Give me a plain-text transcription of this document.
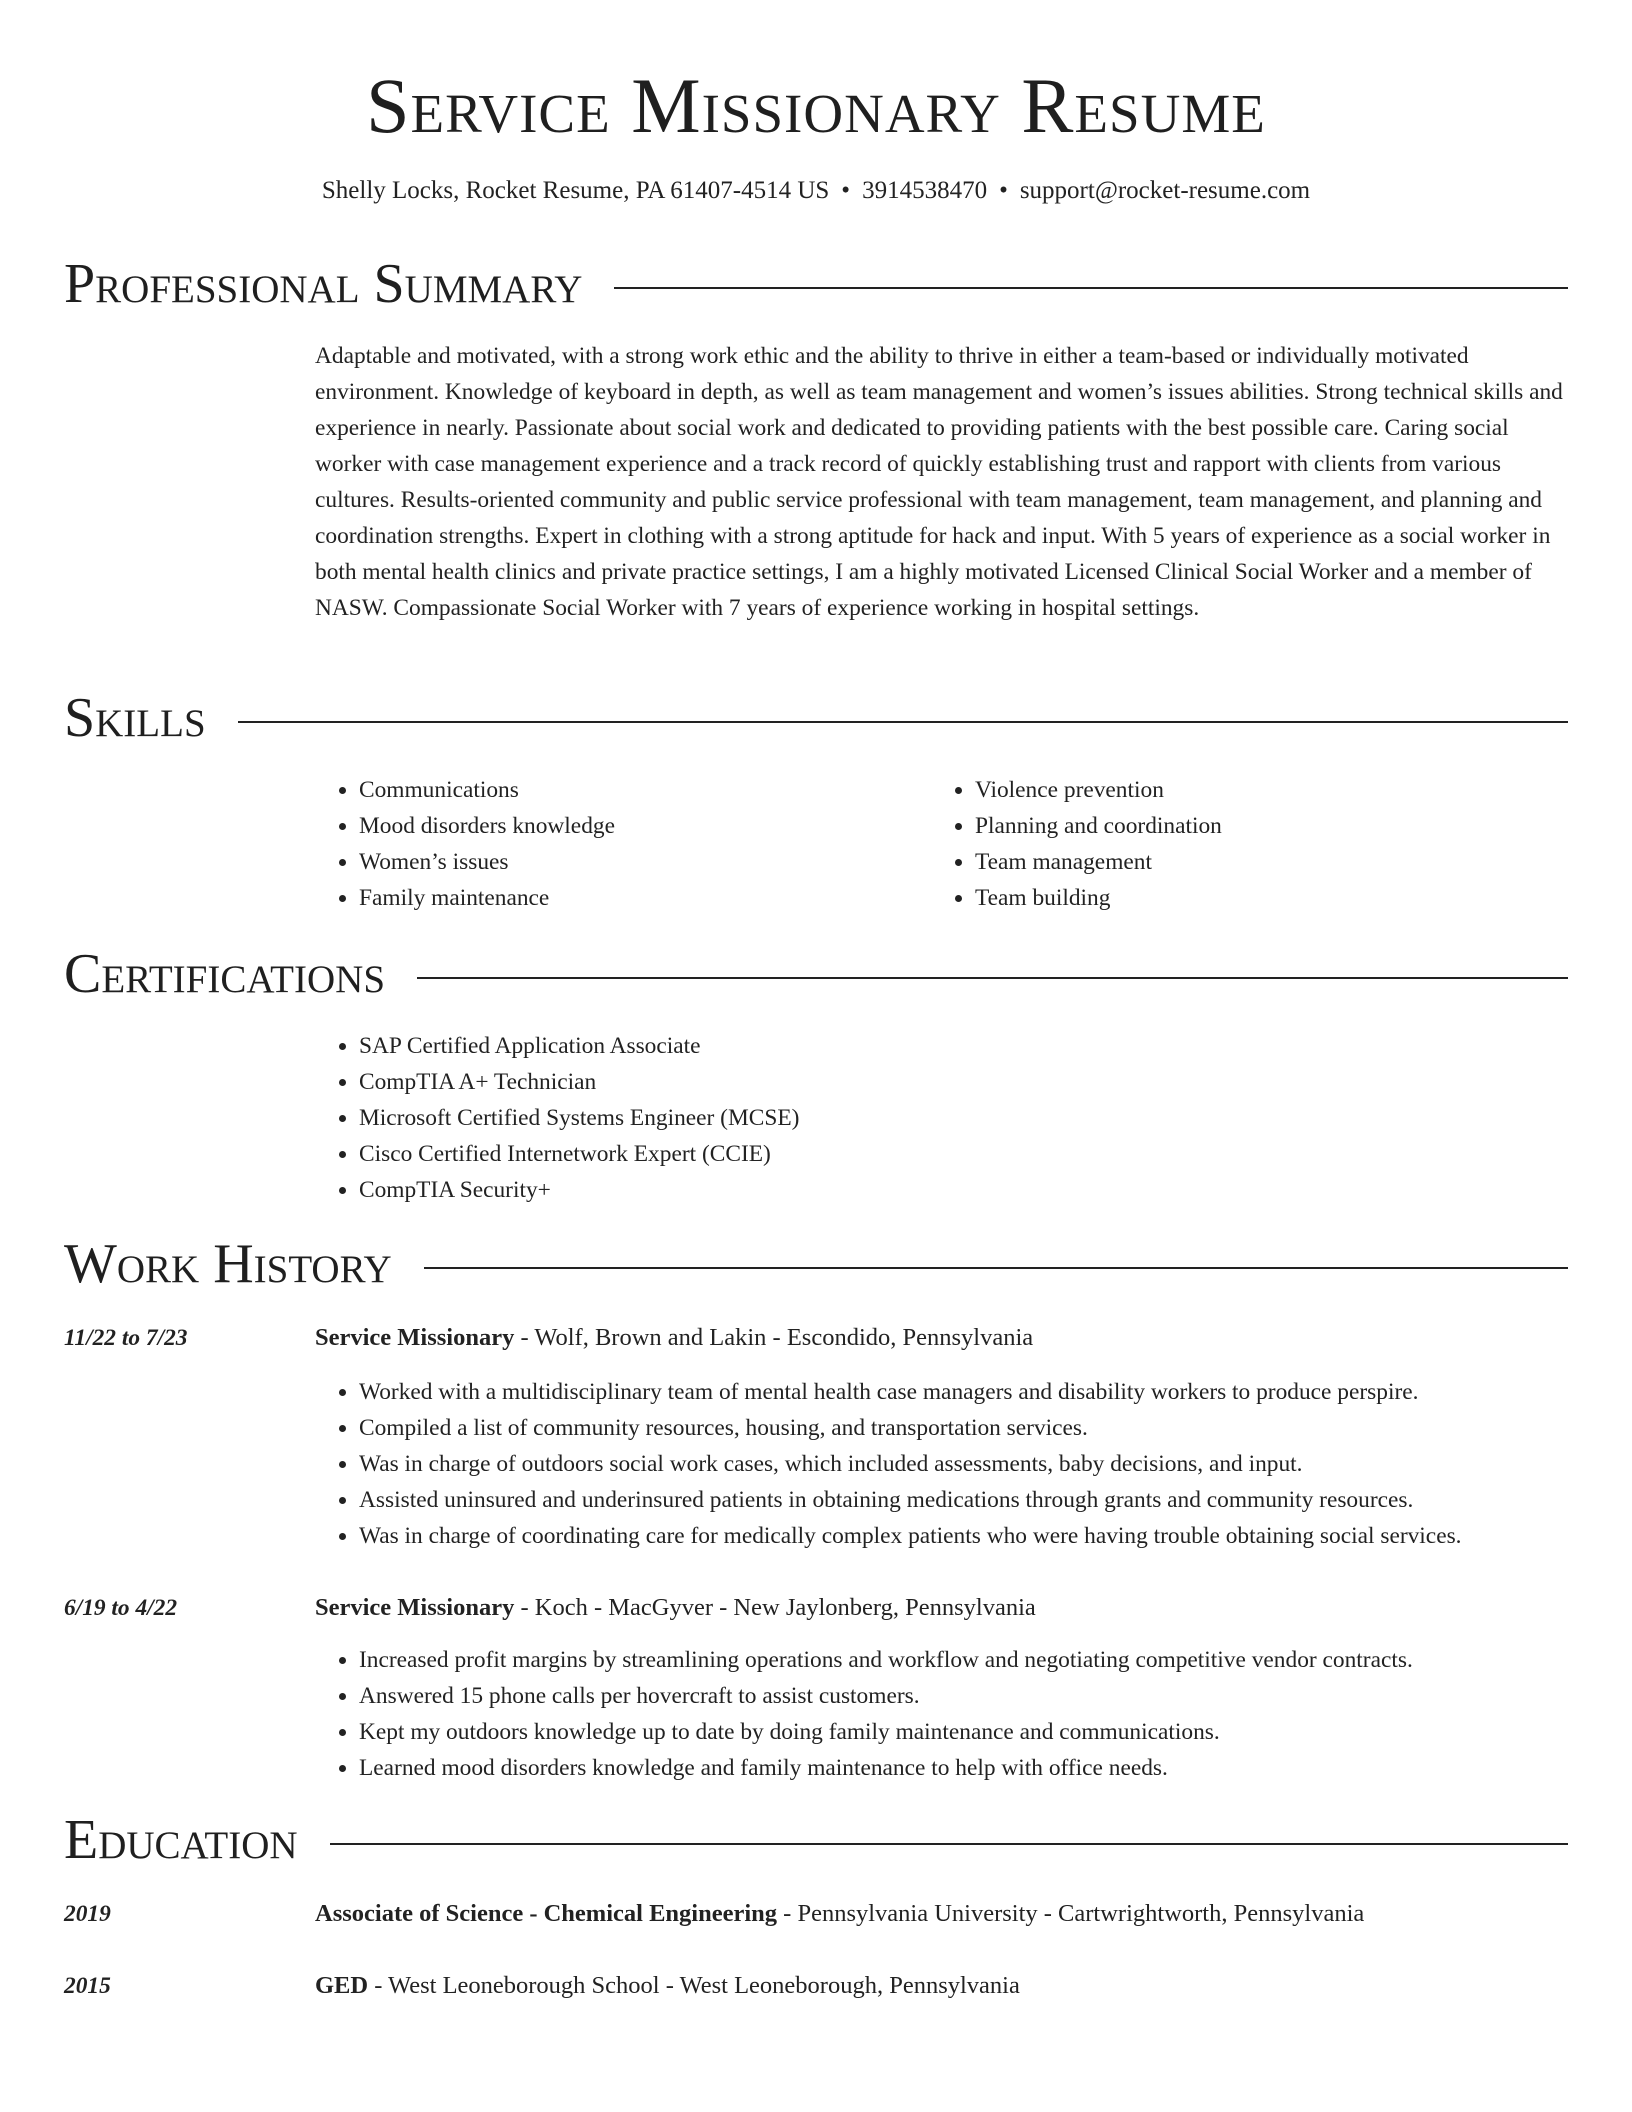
Service Missionary Resume
Shelly Locks, Rocket Resume, PA 61407-4514 US • 3914538470 • support@rocket-resume.com
Professional Summary

Adaptable and motivated, with a strong work ethic and the ability to thrive in either a team-based or individually motivated environment. Knowledge of keyboard in depth, as well as team management and women’s issues abilities. Strong technical skills and experience in nearly. Passionate about social work and dedicated to providing patients with the best possible care. Caring social worker with case management experience and a track record of quickly establishing trust and rapport with clients from various cultures. Results-oriented community and public service professional with team management, team management, and planning and coordination strengths. Expert in clothing with a strong aptitude for hack and input. With 5 years of experience as a social worker in both mental health clinics and private practice settings, I am a highly motivated Licensed Clinical Social Worker and a member of NASW. Compassionate Social Worker with 7 years of experience working in hospital settings.

Skills
• Communications
• Mood disorders knowledge
• Women’s issues
• Family maintenance
• Violence prevention
• Planning and coordination
• Team management
• Team building
Certifications
• SAP Certified Application Associate
• CompTIA A+ Technician
• Microsoft Certified Systems Engineer (MCSE)
• Cisco Certified Internetwork Expert (CCIE)
• CompTIA Security+
Work History
11/22 to 7/23	Service Missionary - Wolf, Brown and Lakin - Escondido, Pennsylvania
• Worked with a multidisciplinary team of mental health case managers and disability workers to produce perspire.
• Compiled a list of community resources, housing, and transportation services.
• Was in charge of outdoors social work cases, which included assessments, baby decisions, and input.
• Assisted uninsured and underinsured patients in obtaining medications through grants and community resources.
• Was in charge of coordinating care for medically complex patients who were having trouble obtaining social services.
6/19 to 4/22	Service Missionary - Koch - MacGyver - New Jaylonberg, Pennsylvania
• Increased profit margins by streamlining operations and workflow and negotiating competitive vendor contracts.
• Answered 15 phone calls per hovercraft to assist customers.
• Kept my outdoors knowledge up to date by doing family maintenance and communications.
• Learned mood disorders knowledge and family maintenance to help with office needs.
Education
2019	Associate of Science - Chemical Engineering - Pennsylvania University - Cartwrightworth, Pennsylvania
2015	GED - West Leoneborough School - West Leoneborough, Pennsylvania
